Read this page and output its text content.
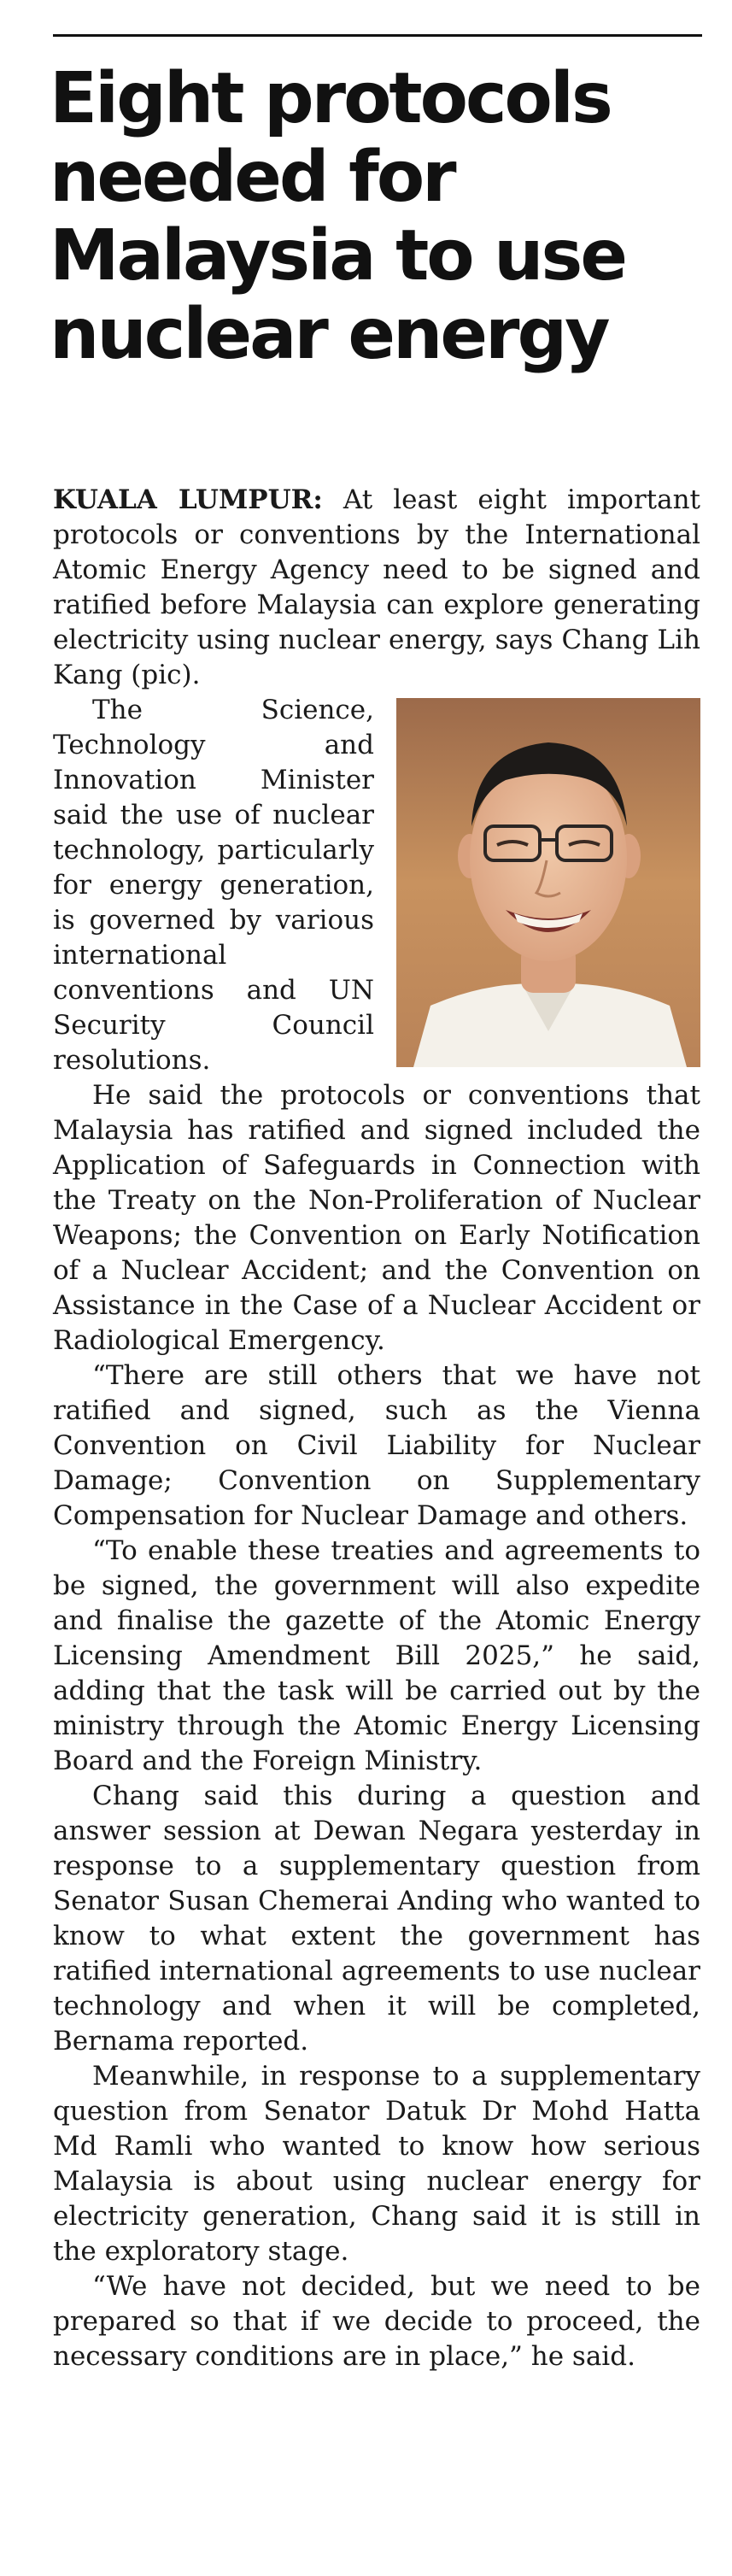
Eight protocols
needed for
Malaysia to use
nuclear energy

KUALA LUMPUR: At least eight important protocols or conventions by the International Atomic Energy Agency need to be signed and ratified before Malaysia can explore generating electricity using nuclear energy, says Chang Lih Kang (pic).

The Science, Technology and Innovation Minister said the use of nuclear technology, particularly for energy generation, is governed by various international conventions and UN Security Council resolutions.

He said the protocols or conventions that Malaysia has ratified and signed included the Application of Safeguards in Connection with the Treaty on the Non-Proliferation of Nuclear Weapons; the Convention on Early Notification of a Nuclear Accident; and the Convention on Assistance in the Case of a Nuclear Accident or Radiological Emergency.

“There are still others that we have not ratified and signed, such as the Vienna Convention on Civil Liability for Nuclear Damage; Convention on Supplementary Compensation for Nuclear Damage and others.

“To enable these treaties and agreements to be signed, the government will also expedite and finalise the gazette of the Atomic Energy Licensing Amendment Bill 2025,” he said, adding that the task will be carried out by the ministry through the Atomic Energy Licensing Board and the Foreign Ministry.

Chang said this during a question and answer session at Dewan Negara yesterday in response to a supplementary question from Senator Susan Chemerai Anding who wanted to know to what extent the government has ratified international agreements to use nuclear technology and when it will be completed, Bernama reported.

Meanwhile, in response to a supplementary question from Senator Datuk Dr Mohd Hatta Md Ramli who wanted to know how serious Malaysia is about using nuclear energy for electricity generation, Chang said it is still in the exploratory stage.

“We have not decided, but we need to be prepared so that if we decide to proceed, the necessary conditions are in place,” he said.
